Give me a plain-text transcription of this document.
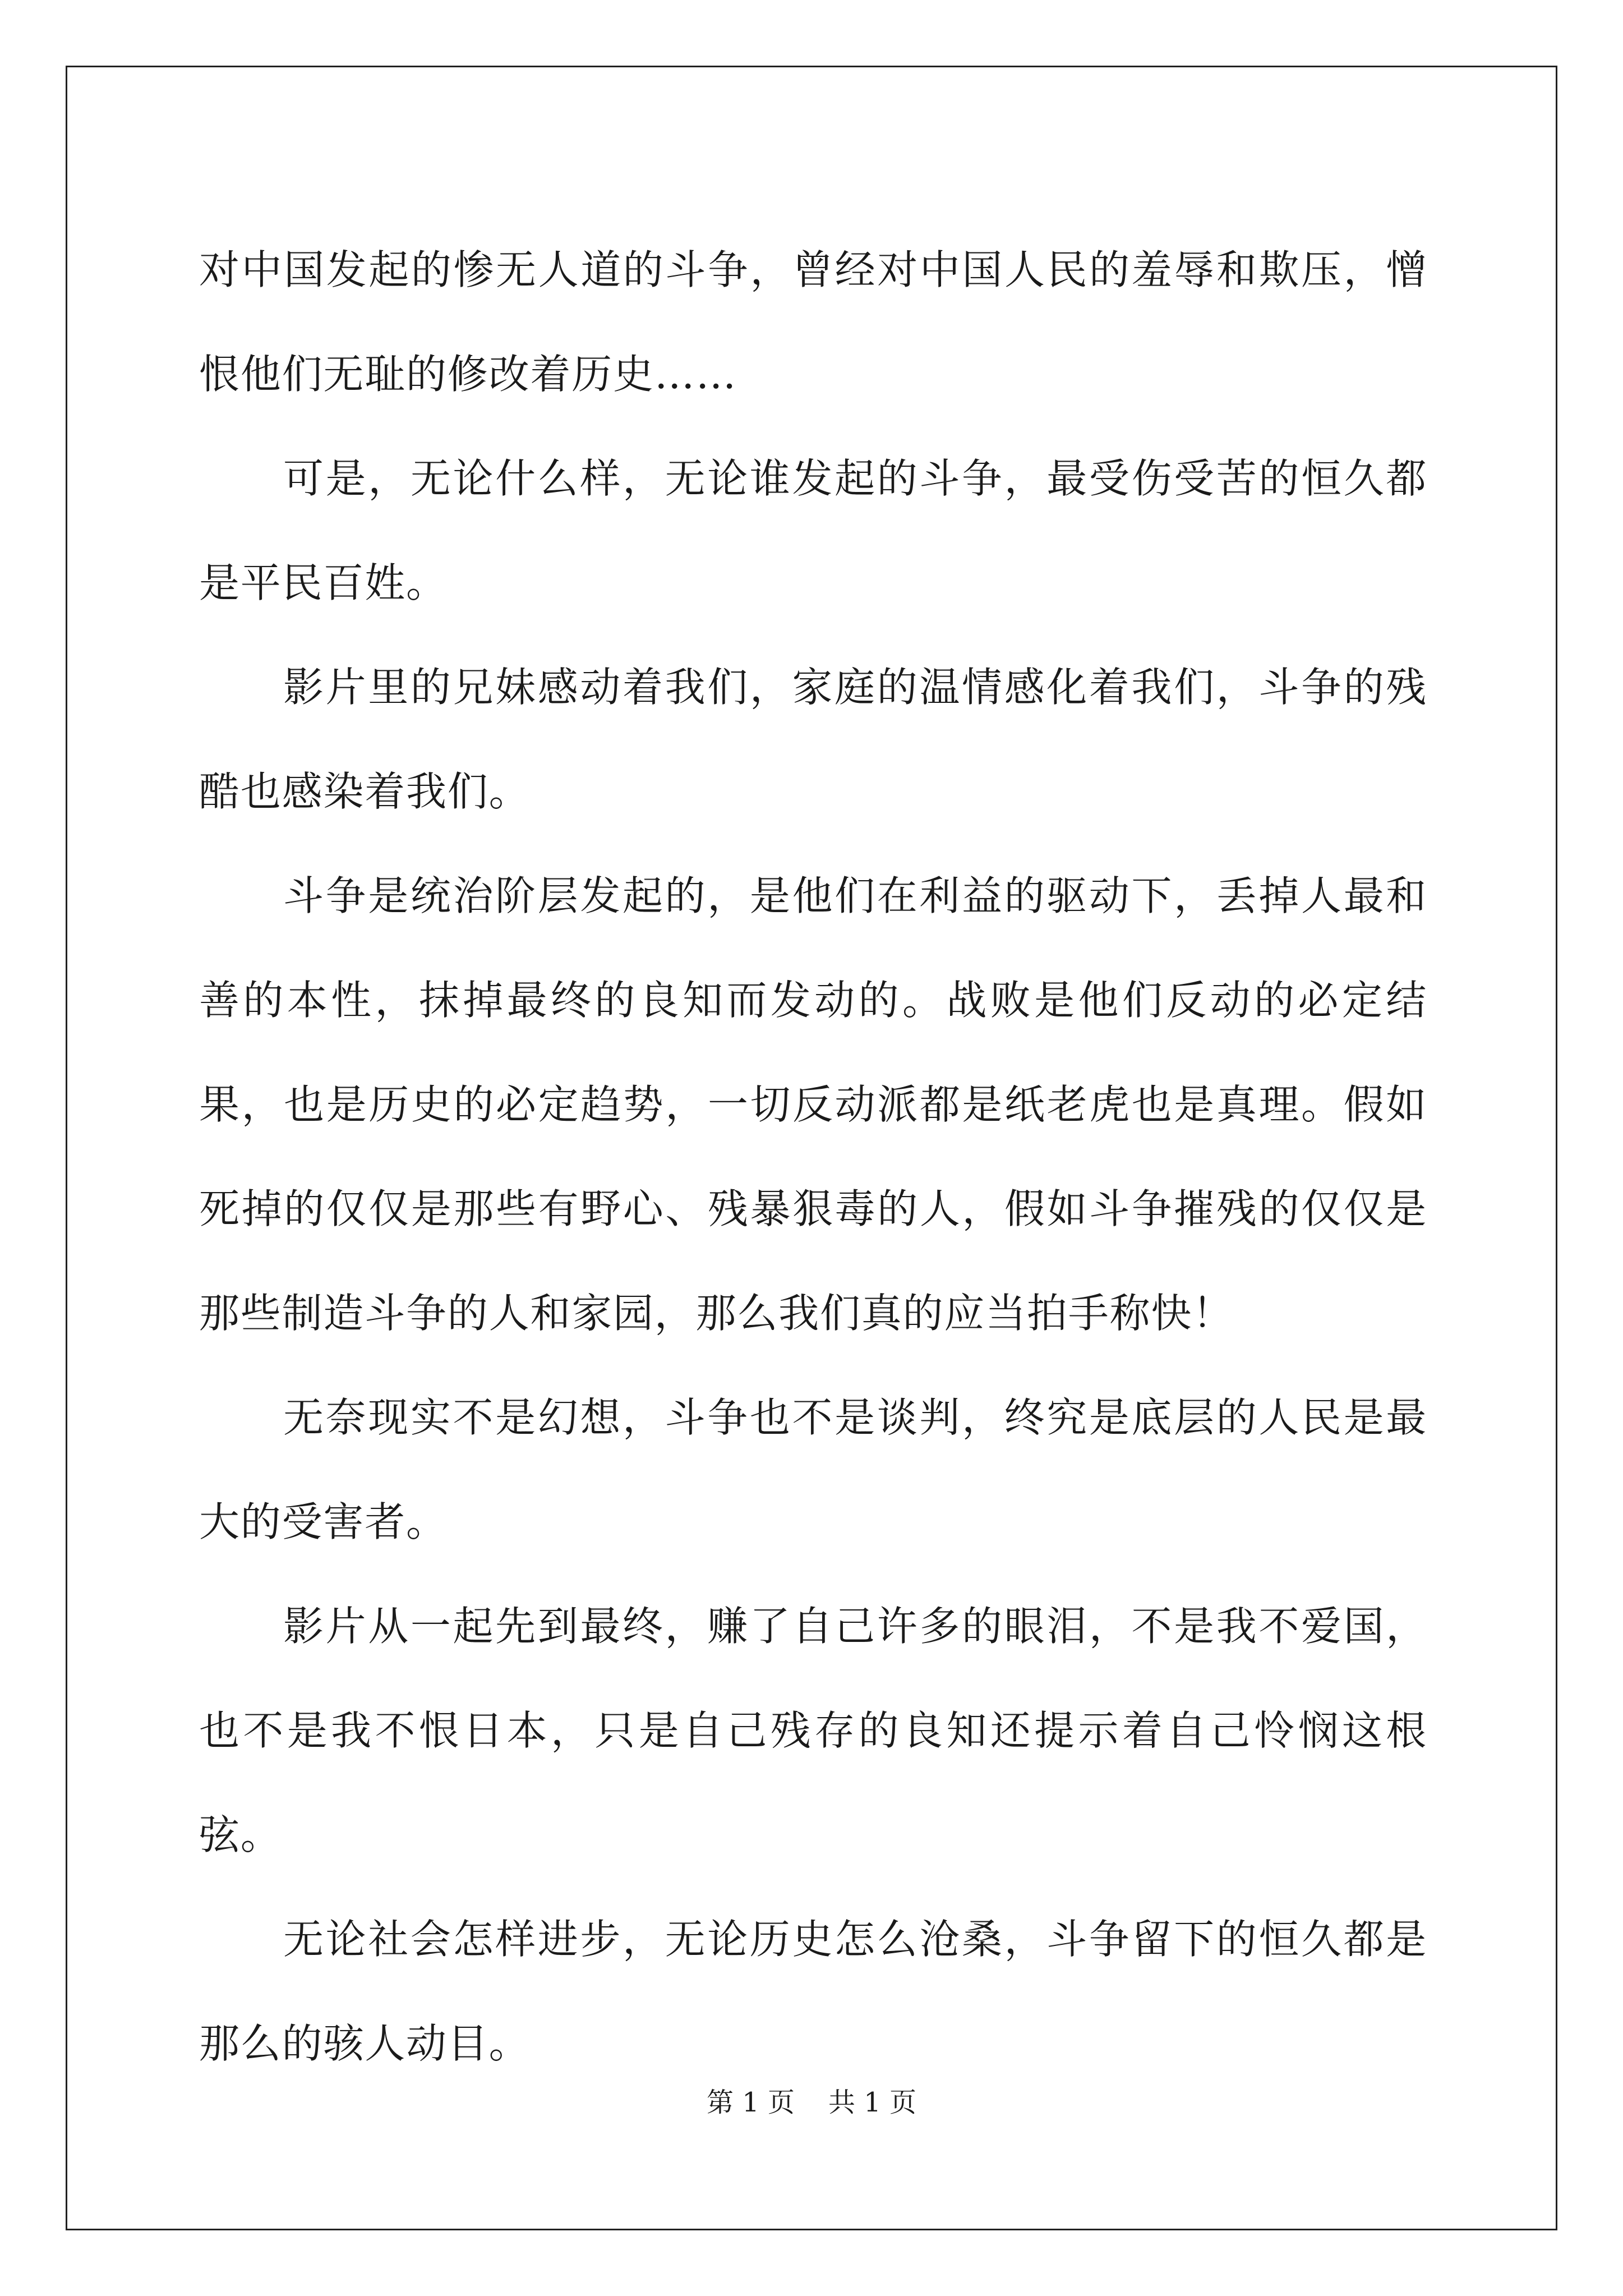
对中国发起的惨无人道的斗争，曾经对中国人民的羞辱和欺压，憎恨他们无耻的修改着历史……

可是，无论什么样，无论谁发起的斗争，最受伤受苦的恒久都是平民百姓。

影片里的兄妹感动着我们，家庭的温情感化着我们，斗争的残酷也感染着我们。

斗争是统治阶层发起的，是他们在利益的驱动下，丢掉人最和善的本性，抹掉最终的良知而发动的。战败是他们反动的必定结果，也是历史的必定趋势，一切反动派都是纸老虎也是真理。假如死掉的仅仅是那些有野心、残暴狠毒的人，假如斗争摧残的仅仅是那些制造斗争的人和家园，那么我们真的应当拍手称快！

无奈现实不是幻想，斗争也不是谈判，终究是底层的人民是最大的受害者。

影片从一起先到最终，赚了自己许多的眼泪，不是我不爱国，也不是我不恨日本，只是自己残存的良知还提示着自己怜悯这根弦。

无论社会怎样进步，无论历史怎么沧桑，斗争留下的恒久都是那么的骇人动目。

第 1 页 共 1 页
